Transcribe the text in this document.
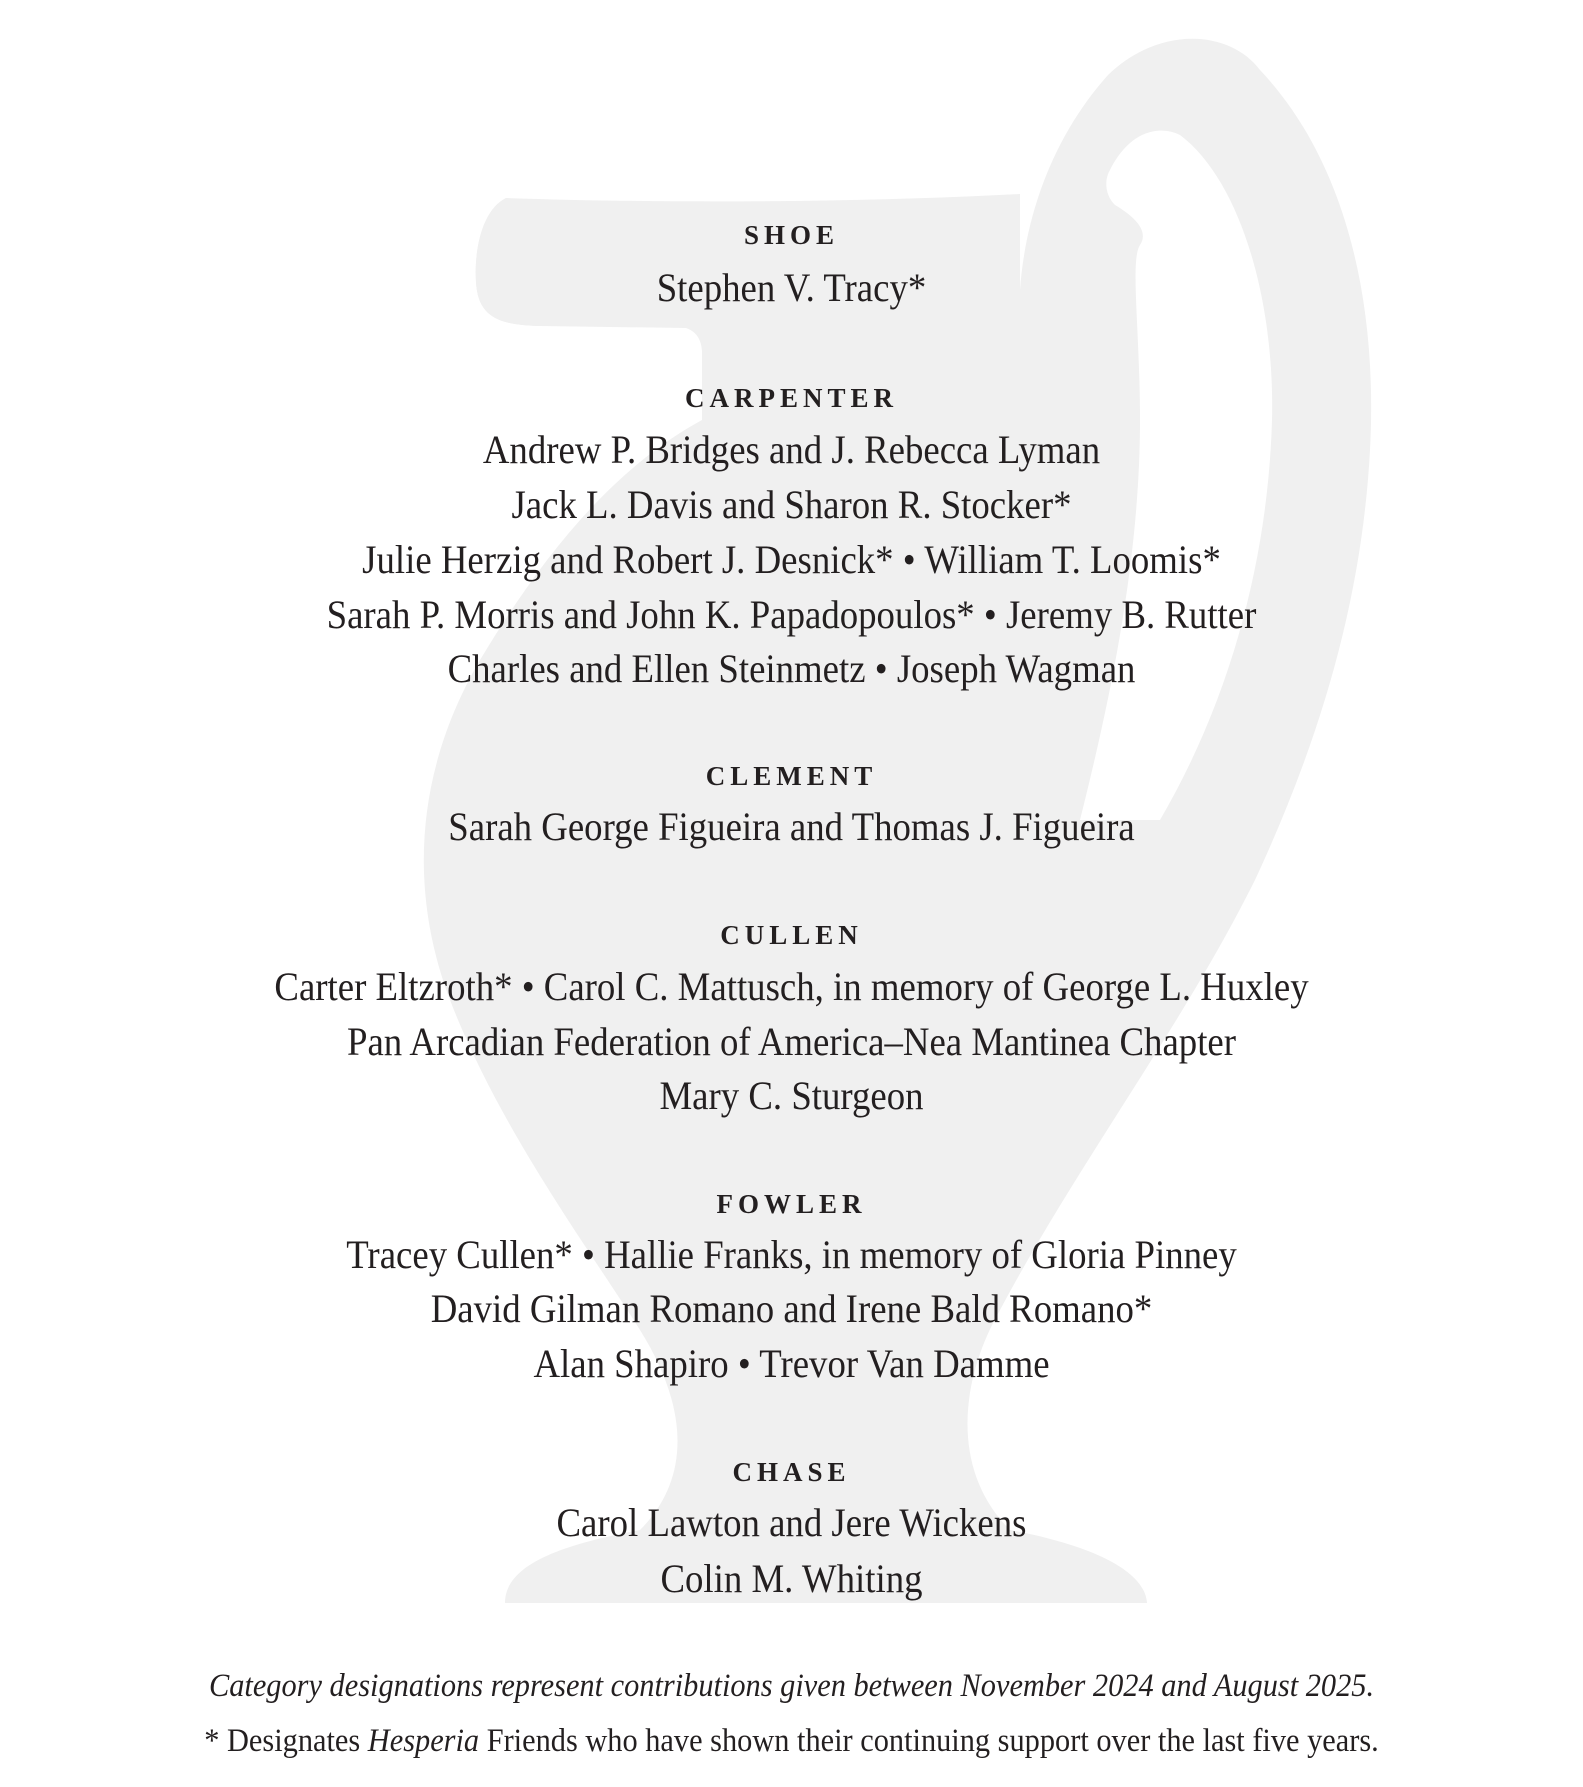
SHOE
Stephen V. Tracy*
CARPENTER
Andrew P. Bridges and J. Rebecca Lyman
Jack L. Davis and Sharon R. Stocker*
Julie Herzig and Robert J. Desnick* • William T. Loomis*
Sarah P. Morris and John K. Papadopoulos* • Jeremy B. Rutter
Charles and Ellen Steinmetz • Joseph Wagman
CLEMENT
Sarah George Figueira and Thomas J. Figueira
CULLEN
Carter Eltzroth* • Carol C. Mattusch, in memory of George L. Huxley
Pan Arcadian Federation of America–Nea Mantinea Chapter
Mary C. Sturgeon
FOWLER
Tracey Cullen* • Hallie Franks, in memory of Gloria Pinney
David Gilman Romano and Irene Bald Romano*
Alan Shapiro • Trevor Van Damme
CHASE
Carol Lawton and Jere Wickens
Colin M. Whiting
Category designations represent contributions given between November 2024 and August 2025.
* Designates Hesperia Friends who have shown their continuing support over the last five years.
